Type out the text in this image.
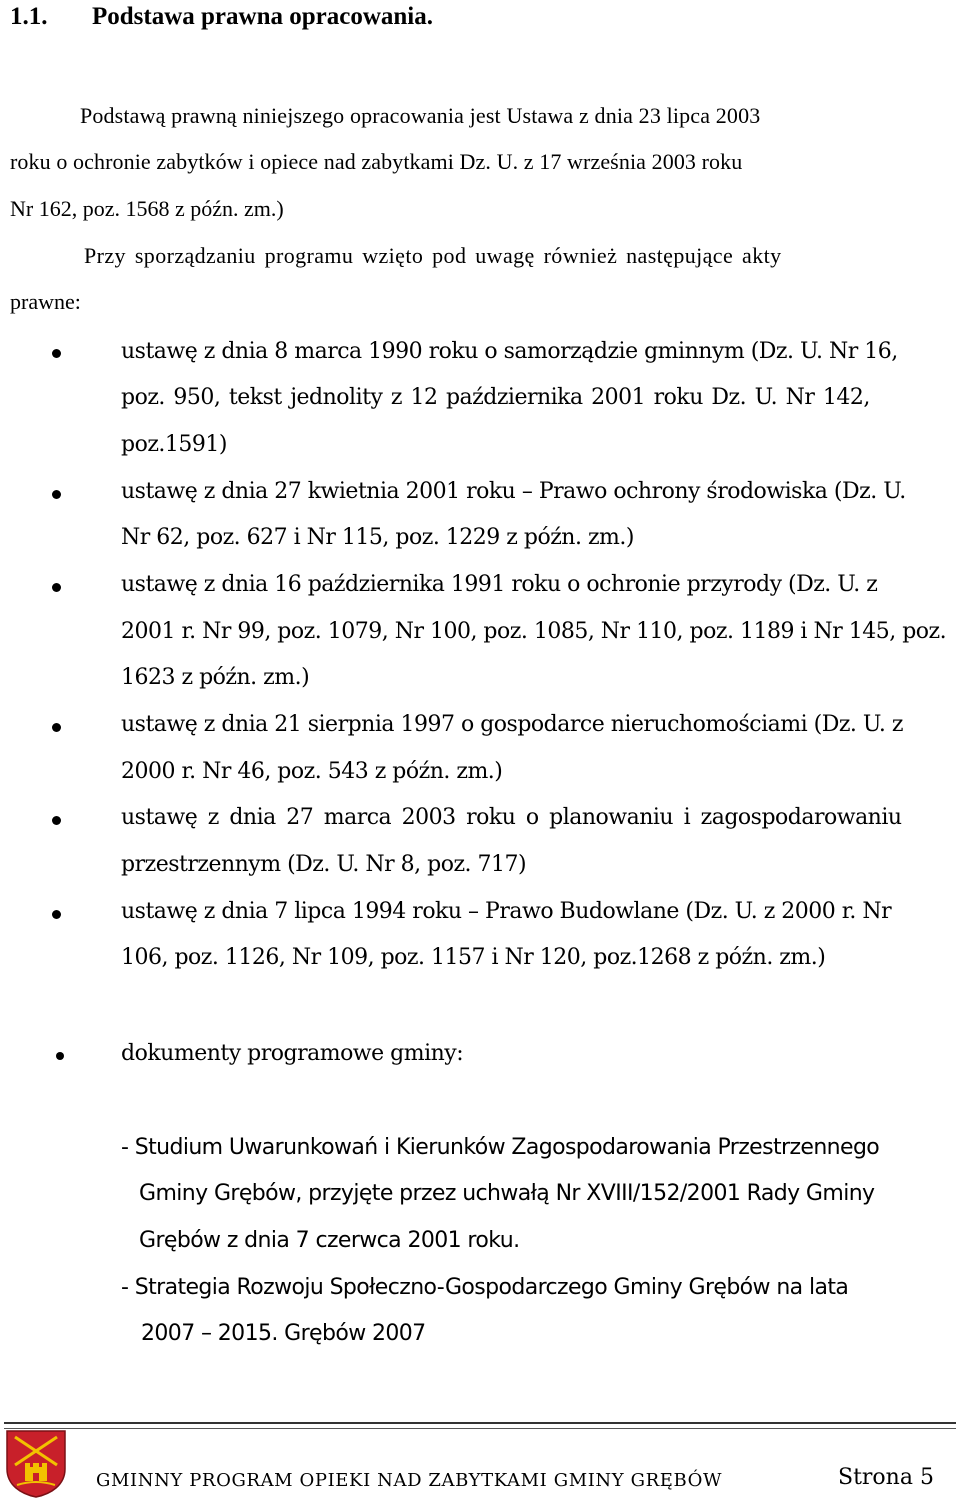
1.1. Podstawa prawna opracowania.
Podstawą prawną niniejszego opracowania jest Ustawa z dnia 23 lipca 2003
roku o ochronie zabytków i opiece nad zabytkami Dz. U. z 17 września 2003 roku
Nr 162, poz. 1568 z późn. zm.)
Przy sporządzaniu programu wzięto pod uwagę również następujące akty
prawne:
ustawę z dnia 8 marca 1990 roku o samorządzie gminnym (Dz. U. Nr 16,
poz. 950, tekst jednolity z 12 października 2001 roku Dz. U. Nr 142,
poz.1591)
ustawę z dnia 27 kwietnia 2001 roku – Prawo ochrony środowiska (Dz. U.
Nr 62, poz. 627 i Nr 115, poz. 1229 z późn. zm.)
ustawę z dnia 16 października 1991 roku o ochronie przyrody (Dz. U. z
2001 r. Nr 99, poz. 1079, Nr 100, poz. 1085, Nr 110, poz. 1189 i Nr 145, poz.
1623 z późn. zm.)
ustawę z dnia 21 sierpnia 1997 o gospodarce nieruchomościami (Dz. U. z
2000 r. Nr 46, poz. 543 z późn. zm.)
ustawę z dnia 27 marca 2003 roku o planowaniu i zagospodarowaniu
przestrzennym (Dz. U. Nr 8, poz. 717)
ustawę z dnia 7 lipca 1994 roku – Prawo Budowlane (Dz. U. z 2000 r. Nr
106, poz. 1126, Nr 109, poz. 1157 i Nr 120, poz.1268 z późn. zm.)
dokumenty programowe gminy:
- Studium Uwarunkowań i Kierunków Zagospodarowania Przestrzennego
Gminy Grębów, przyjęte przez uchwałą Nr XVIII/152/2001 Rady Gminy
Grębów z dnia 7 czerwca 2001 roku.
- Strategia Rozwoju Społeczno-Gospodarczego Gminy Grębów na lata
2007 – 2015. Grębów 2007
GMINNY PROGRAM OPIEKI NAD ZABYTKAMI GMINY GRĘBÓW	Strona 5
